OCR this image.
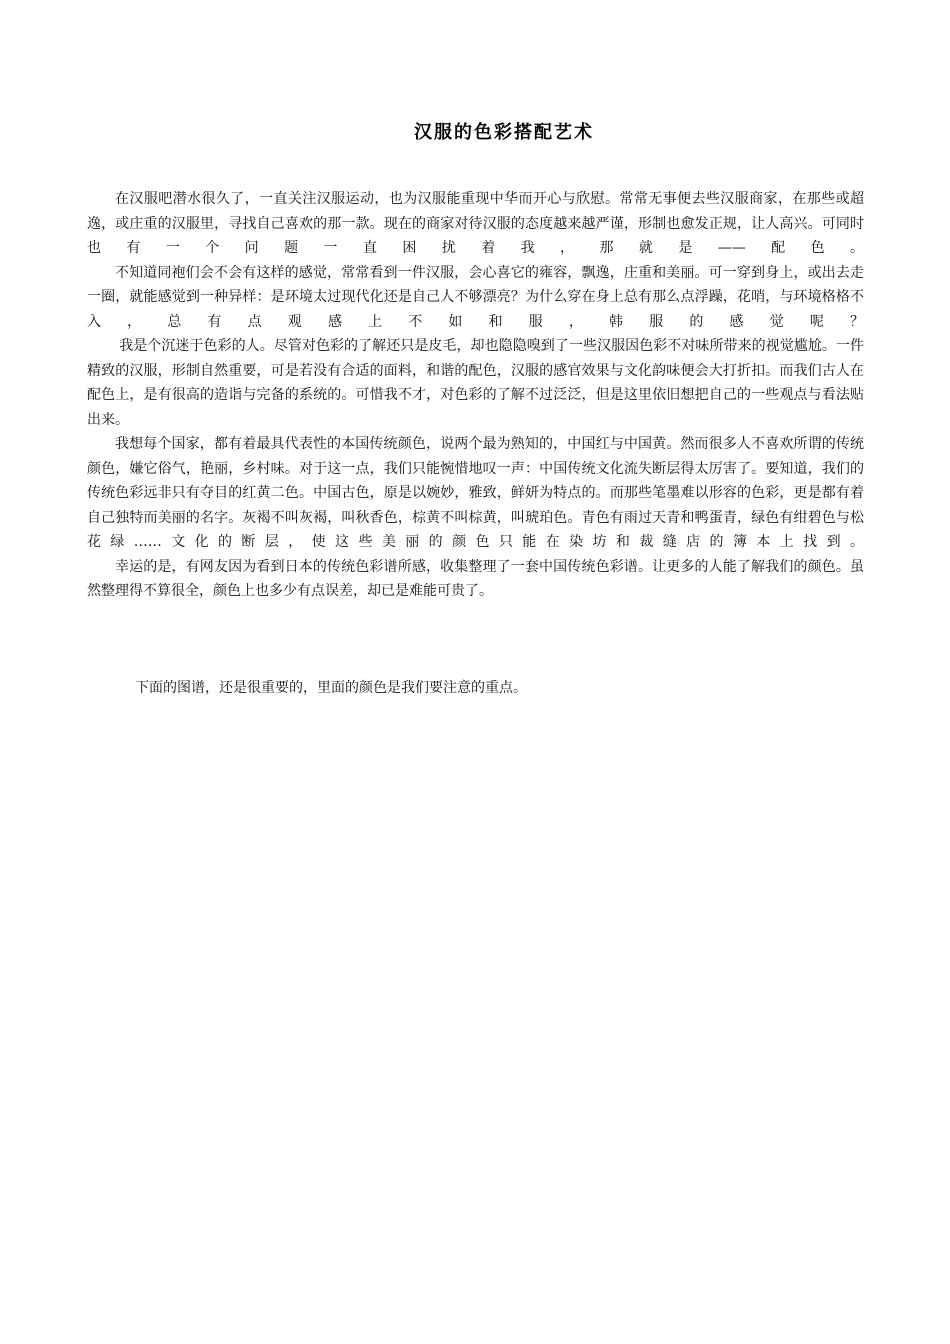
汉服的色彩搭配艺术

在汉服吧潜水很久了，一直关注汉服运动，也为汉服能重现中华而开心与欣慰。常常无事便去些汉服商家，在那些或超逸，或庄重的汉服里，寻找自己喜欢的那一款。现在的商家对待汉服的态度越来越严谨，形制也愈发正规，让人高兴。可同时也有一个问题一直困扰着我，那就是——配色。

不知道同袍们会不会有这样的感觉，常常看到一件汉服，会心喜它的雍容，飘逸，庄重和美丽。可一穿到身上，或出去走一圈，就能感觉到一种异样：是环境太过现代化还是自己人不够漂亮？为什么穿在身上总有那么点浮躁，花哨，与环境格格不入，总有点观感上不如和服，韩服的感觉呢？

我是个沉迷于色彩的人。尽管对色彩的了解还只是皮毛，却也隐隐嗅到了一些汉服因色彩不对味所带来的视觉尴尬。一件精致的汉服，形制自然重要，可是若没有合适的面料，和谐的配色，汉服的感官效果与文化韵味便会大打折扣。而我们古人在配色上，是有很高的造诣与完备的系统的。可惜我不才，对色彩的了解不过泛泛，但是这里依旧想把自己的一些观点与看法贴出来。

我想每个国家，都有着最具代表性的本国传统颜色，说两个最为熟知的，中国红与中国黄。然而很多人不喜欢所谓的传统颜色，嫌它俗气，艳丽，乡村味。对于这一点，我们只能惋惜地叹一声：中国传统文化流失断层得太厉害了。要知道，我们的传统色彩远非只有夺目的红黄二色。中国古色，原是以婉妙，雅致，鲜妍为特点的。而那些笔墨难以形容的色彩，更是都有着自己独特而美丽的名字。灰褐不叫灰褐，叫秋香色，棕黄不叫棕黄，叫琥珀色。青色有雨过天青和鸭蛋青，绿色有绀碧色与松花绿……文化的断层，使这些美丽的颜色只能在染坊和裁缝店的簿本上找到。

幸运的是，有网友因为看到日本的传统色彩谱所感，收集整理了一套中国传统色彩谱。让更多的人能了解我们的颜色。虽然整理得不算很全，颜色上也多少有点误差，却已是难能可贵了。

下面的图谱，还是很重要的，里面的颜色是我们要注意的重点。
